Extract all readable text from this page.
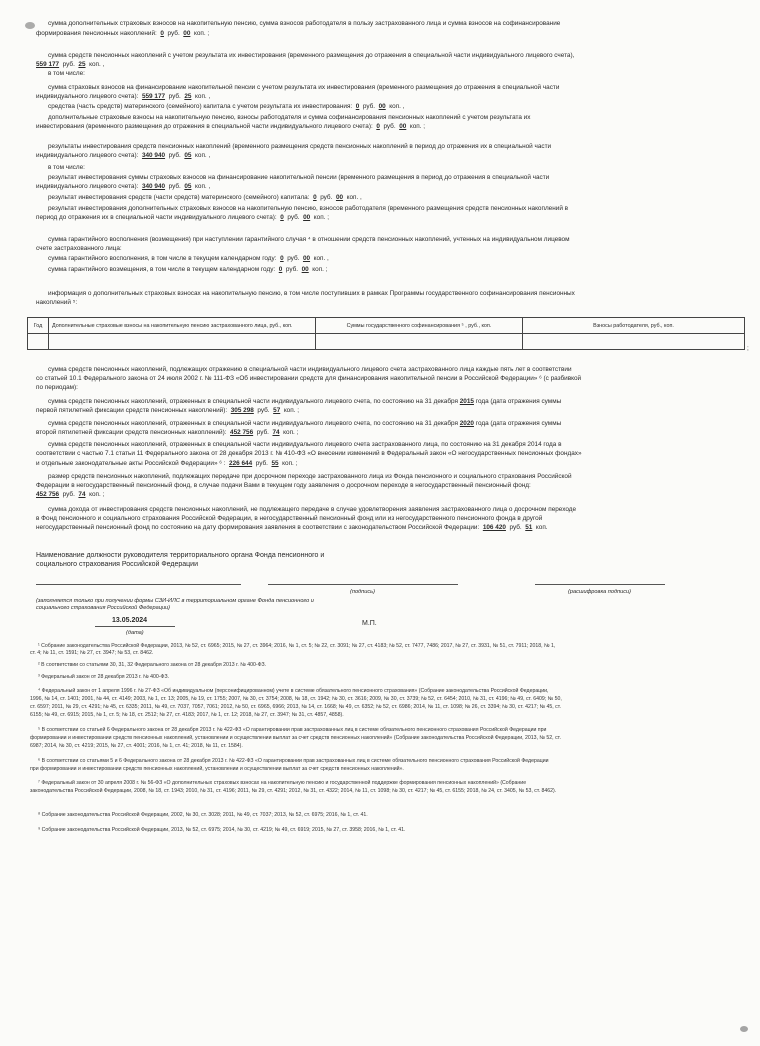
сумма дополнительных страховых взносов на накопительную пенсию, сумма взносов работодателя в пользу застрахованного лица и сумма взносов на софинансирование
формирования пенсионных накоплений: 0 руб. 00 коп. ;
сумма средств пенсионных накоплений с учетом результата их инвестирования (временного размещения до отражения в специальной части индивидуального лицевого счета),
559 177 руб. 25 коп. ,
в том числе:
сумма страховых взносов на финансирование накопительной пенсии с учетом результата их инвестирования (временного размещения до отражения в специальной части
индивидуального лицевого счета): 559 177 руб. 25 коп. ,
средства (часть средств) материнского (семейного) капитала с учетом результата их инвестирования: 0 руб. 00 коп. ,
дополнительные страховые взносы на накопительную пенсию, взносы работодателя и сумма софинансирования пенсионных накоплений с учетом результата их
инвестирования (временного размещения до отражения в специальной части индивидуального лицевого счета): 0 руб. 00 коп. ;
результаты инвестирования средств пенсионных накоплений (временного размещения средств пенсионных накоплений в период до отражения их в специальной части
индивидуального лицевого счета): 340 940 руб. 05 коп. ,
в том числе:
результат инвестирования суммы страховых взносов на финансирование накопительной пенсии (временного размещения в период до отражения в специальной части
индивидуального лицевого счета): 340 940 руб. 05 коп. ,
результат инвестирования средств (части средств) материнского (семейного) капитала: 0 руб. 00 коп. ,
результат инвестирования дополнительных страховых взносов на накопительную пенсию, взносов работодателя (временного размещения средств пенсионных накоплений в
период до отражения их в специальной части индивидуального лицевого счета): 0 руб. 00 коп. ;
сумма гарантийного восполнения (возмещения) при наступлении гарантийного случая ⁴ в отношении средств пенсионных накоплений, учтенных на индивидуальном лицевом
счете застрахованного лица:
сумма гарантийного восполнения, в том числе в текущем календарном году: 0 руб. 00 коп. ,
сумма гарантийного возмещения, в том числе в текущем календарном году: 0 руб. 00 коп. ;
информация о дополнительных страховых взносах на накопительную пенсию, в том числе поступивших в рамках Программы государственного софинансирования пенсионных
накоплений ⁵:
Год	Дополнительные страховые взносы на накопительную пенсию застрахованного лица, руб., коп.	Суммы государственного софинансирования ⁵ , руб., коп.	Взносы работодателя, руб., коп.

;
сумма средств пенсионных накоплений, подлежащих отражению в специальной части индивидуального лицевого счета застрахованного лица каждые пять лет в соответствии
со статьей 10.1 Федерального закона от 24 июля 2002 г. № 111-ФЗ «Об инвестировании средств для финансирования накопительной пенсии в Российской Федерации» ⁶ (с разбивкой
по периодам):
сумма средств пенсионных накоплений, отраженных в специальной части индивидуального лицевого счета, по состоянию на 31 декабря 2015 года (дата отражения суммы
первой пятилетней фиксации средств пенсионных накоплений): 305 298 руб. 57 коп. ;
сумма средств пенсионных накоплений, отраженных в специальной части индивидуального лицевого счета, по состоянию на 31 декабря 2020 года (дата отражения суммы
второй пятилетней фиксации средств пенсионных накоплений): 452 756 руб. 74 коп. ;
сумма средств пенсионных накоплений, отраженных в специальной части индивидуального лицевого счета застрахованного лица, по состоянию на 31 декабря 2014 года в
соответствии с частью 7.1 статьи 11 Федерального закона от 28 декабря 2013 г. № 410-ФЗ «О внесении изменений в Федеральный закон «О негосударственных пенсионных фондах»
и отдельные законодательные акты Российской Федерации» ⁶ : 226 644 руб. 55 коп. ;
размер средств пенсионных накоплений, подлежащих передаче при досрочном переходе застрахованного лица из Фонда пенсионного и социального страхования Российской
Федерации в негосударственный пенсионный фонд, в случае подачи Вами в текущем году заявления о досрочном переходе в негосударственный пенсионный фонд:
452 756 руб. 74 коп. ;
сумма дохода от инвестирования средств пенсионных накоплений, не подлежащего передаче в случае удовлетворения заявления застрахованного лица о досрочном переходе
в Фонд пенсионного и социального страхования Российской Федерации, в негосударственный пенсионный фонд или из негосударственного пенсионного фонда в другой
негосударственный пенсионный фонд по состоянию на дату формирования заявления в соответствии с законодательством Российской Федерации: 106 420 руб. 51 коп.
Наименование должности руководителя территориального органа Фонда пенсионного и
социального страхования Российской Федерации
(подпись)	(расшифровка подписи)
(заполняется только при получении формы СЗИ-ИЛС в территориальном органе Фонда пенсионного и
социального страхования Российской Федерации)
13.05.2024
(дата)
М.П.
¹ Собрание законодательства Российской Федерации, 2013, № 52, ст. 6965; 2015, № 27, ст. 3964; 2016, № 1, ст. 5; № 22, ст. 3091; № 27, ст. 4183; № 52, ст. 7477, 7486; 2017, № 27, ст. 3931, № 51, ст. 7911; 2018, № 1,
ст. 4; № 11, ст. 1591; № 27, ст. 3947; № 53, ст. 8462.
² В соответствии со статьями 30, 31, 32 Федерального закона от 28 декабря 2013 г. № 400-ФЗ.
³ Федеральный закон от 28 декабря 2013 г. № 400-ФЗ.
⁴ Федеральный закон от 1 апреля 1996 г. № 27-ФЗ «Об индивидуальном (персонифицированном) учете в системе обязательного пенсионного страхования» (Собрание законодательства Российской Федерации,
1996, № 14, ст. 1401; 2001, № 44, ст. 4149; 2003, № 1, ст. 13; 2005, № 19, ст. 1755; 2007, № 30, ст. 3754; 2008, № 18, ст. 1942; № 30, ст. 3616; 2009, № 30, ст. 3739; № 52, ст. 6454; 2010, № 31, ст. 4196; № 49, ст. 6409; № 50,
ст. 6597; 2011, № 29, ст. 4291; № 45, ст. 6335; 2011, № 49, ст. 7037, 7057, 7061; 2012, № 50, ст. 6965, 6966; 2013, № 14, ст. 1668; № 49, ст. 6352; № 52, ст. 6986; 2014, № 11, ст. 1098; № 26, ст. 3394; № 30, ст. 4217; № 45, ст.
6155; № 49, ст. 6915; 2015, № 1, ст. 5; № 18, ст. 2512; № 27, ст. 4183; 2017, № 1, ст. 12; 2018, № 27, ст. 3947; № 31, ст. 4857, 4858).
⁵ В соответствии со статьей 6 Федерального закона от 28 декабря 2013 г. № 422-ФЗ «О гарантировании прав застрахованных лиц в системе обязательного пенсионного страхования Российской Федерации при
формировании и инвестировании средств пенсионных накоплений, установлении и осуществлении выплат за счет средств пенсионных накоплений» (Собрание законодательства Российской Федерации, 2013, № 52, ст.
6987; 2014, № 30, ст. 4219; 2015, № 27, ст. 4001; 2016, № 1, ст. 41; 2018, № 11, ст. 1584).
⁶ В соответствии со статьями 5 и 6 Федерального закона от 28 декабря 2013 г. № 422-ФЗ «О гарантировании прав застрахованных лиц в системе обязательного пенсионного страхования Российской Федерации
при формировании и инвестировании средств пенсионных накоплений, установлении и осуществлении выплат за счет средств пенсионных накоплений».
⁷ Федеральный закон от 30 апреля 2008 г. № 56-ФЗ «О дополнительных страховых взносах на накопительную пенсию и государственной поддержке формирования пенсионных накоплений» (Собрание
законодательства Российской Федерации, 2008, № 18, ст. 1943; 2010, № 31, ст. 4196; 2011, № 29, ст. 4291; 2012, № 31, ст. 4322; 2014, № 11, ст. 1098; № 30, ст. 4217; № 45, ст. 6155; 2018, № 24, ст. 3405, № 53, ст. 8462).
⁸ Собрание законодательства Российской Федерации, 2002, № 30, ст. 3028; 2011, № 49, ст. 7037; 2013, № 52, ст. 6975; 2016, № 1, ст. 41.
⁹ Собрание законодательства Российской Федерации, 2013, № 52, ст. 6975; 2014, № 30, ст. 4219; № 49, ст. 6919; 2015, № 27, ст. 3958; 2016, № 1, ст. 41.
